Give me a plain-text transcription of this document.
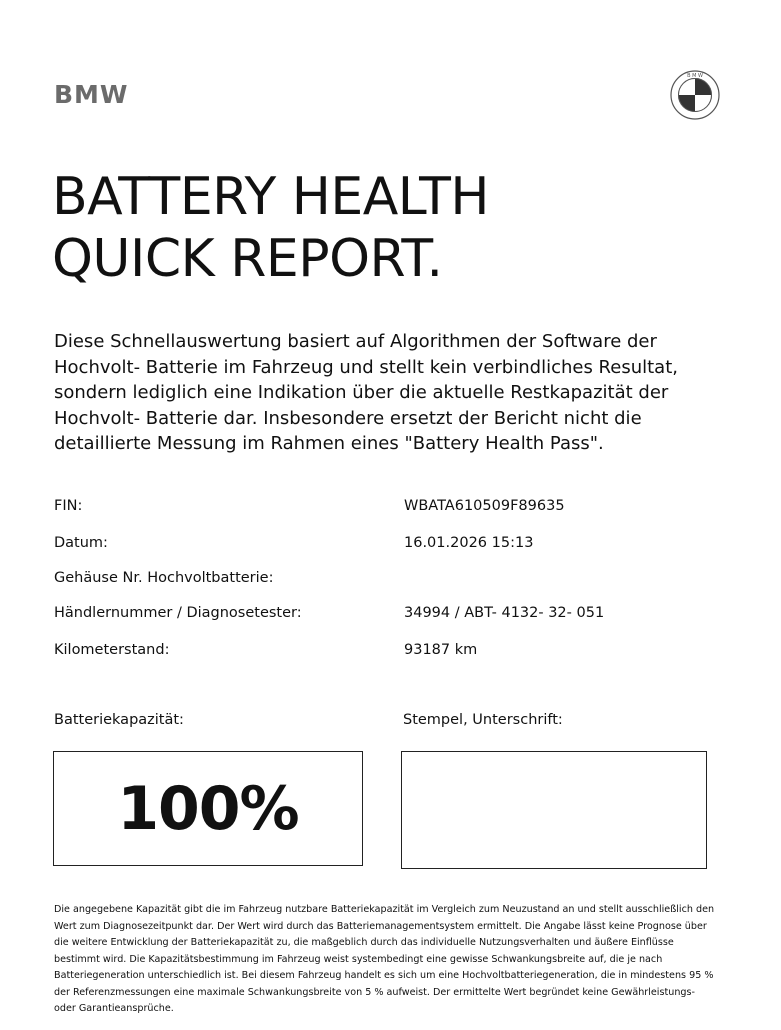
BMW
B M W
BATTERY HEALTH
QUICK REPORT.

Diese Schnellauswertung basiert auf Algorithmen der Software der Hochvolt- Batterie im Fahrzeug und stellt kein verbindliches Resultat, sondern lediglich eine Indikation über die aktuelle Restkapazität der Hochvolt- Batterie dar. Insbesondere ersetzt der Bericht nicht die detaillierte Messung im Rahmen eines "Battery Health Pass".

FIN:	WBATA610509F89635
Datum:	16.01.2026 15:13
Gehäuse Nr. Hochvoltbatterie:
Händlernummer / Diagnosetester:	34994 / ABT- 4132- 32- 051
Kilometerstand:	93187 km
Batteriekapazität:	Stempel, Unterschrift:
100%

Die angegebene Kapazität gibt die im Fahrzeug nutzbare Batteriekapazität im Vergleich zum Neuzustand an und stellt ausschließlich den Wert zum Diagnosezeitpunkt dar. Der Wert wird durch das Batteriemanagementsystem ermittelt. Die Angabe lässt keine Prognose über die weitere Entwicklung der Batteriekapazität zu, die maßgeblich durch das individuelle Nutzungsverhalten und äußere Einflüsse bestimmt wird. Die Kapazitätsbestimmung im Fahrzeug weist systembedingt eine gewisse Schwankungsbreite auf, die je nach Batteriegeneration unterschiedlich ist. Bei diesem Fahrzeug handelt es sich um eine Hochvoltbatteriegeneration, die in mindestens 95 % der Referenzmessungen eine maximale Schwankungsbreite von 5 % aufweist. Der ermittelte Wert begründet keine Gewährleistungs- oder Garantieansprüche.
